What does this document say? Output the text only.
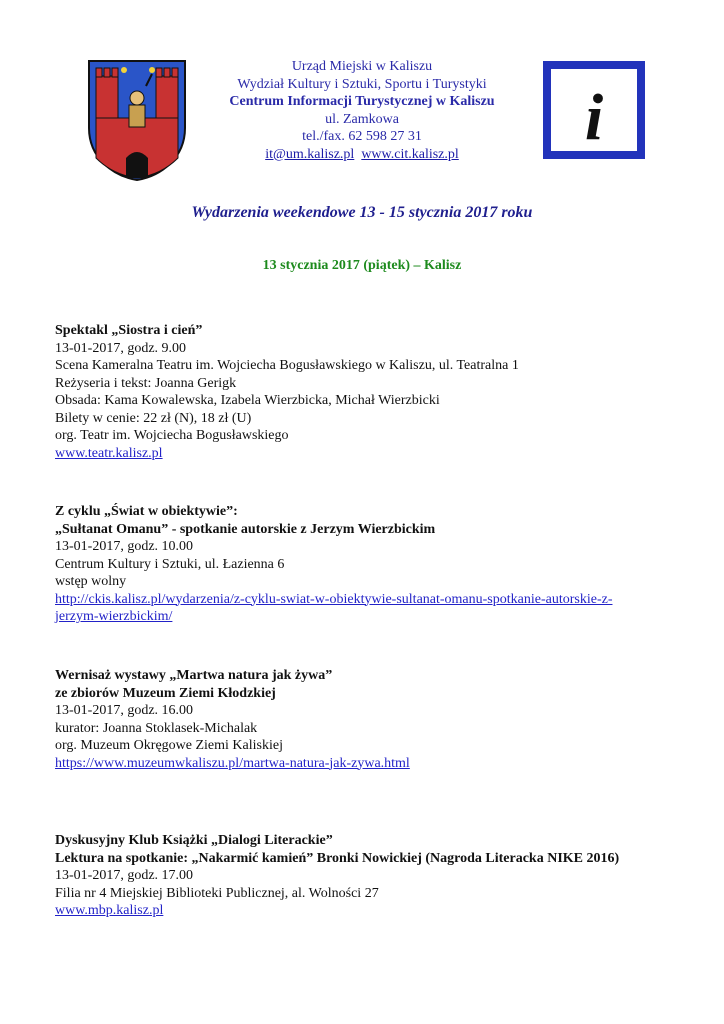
Urząd Miejski w Kaliszu
Wydział Kultury i Sztuki, Sportu i Turystyki
Centrum Informacji Turystycznej w Kaliszu
ul. Zamkowa
tel./fax. 62 598 27 31
it@um.kalisz.pl www.cit.kalisz.pl	i
Wydarzenia weekendowe 13 - 15 stycznia 2017 roku
13 stycznia 2017 (piątek) – Kalisz
Spektakl „Siostra i cień”
13-01-2017, godz. 9.00
Scena Kameralna Teatru im. Wojciecha Bogusławskiego w Kaliszu, ul. Teatralna 1
Reżyseria i tekst: Joanna Gerigk
Obsada: Kama Kowalewska, Izabela Wierzbicka, Michał Wierzbicki
Bilety w cenie: 22 zł (N), 18 zł (U)
org. Teatr im. Wojciecha Bogusławskiego
www.teatr.kalisz.pl
Z cyklu „Świat w obiektywie”:
„Sułtanat Omanu” - spotkanie autorskie z Jerzym Wierzbickim
13-01-2017, godz. 10.00
Centrum Kultury i Sztuki, ul. Łazienna 6
wstęp wolny
http://ckis.kalisz.pl/wydarzenia/z-cyklu-swiat-w-obiektywie-sultanat-omanu-spotkanie-autorskie-z-
jerzym-wierzbickim/
Wernisaż wystawy „Martwa natura jak żywa”
ze zbiorów Muzeum Ziemi Kłodzkiej
13-01-2017, godz. 16.00
kurator: Joanna Stoklasek-Michalak
org. Muzeum Okręgowe Ziemi Kaliskiej
https://www.muzeumwkaliszu.pl/martwa-natura-jak-zywa.html
Dyskusyjny Klub Książki „Dialogi Literackie”
Lektura na spotkanie: „Nakarmić kamień” Bronki Nowickiej (Nagroda Literacka NIKE 2016)
13-01-2017, godz. 17.00
Filia nr 4 Miejskiej Biblioteki Publicznej, al. Wolności 27
www.mbp.kalisz.pl
